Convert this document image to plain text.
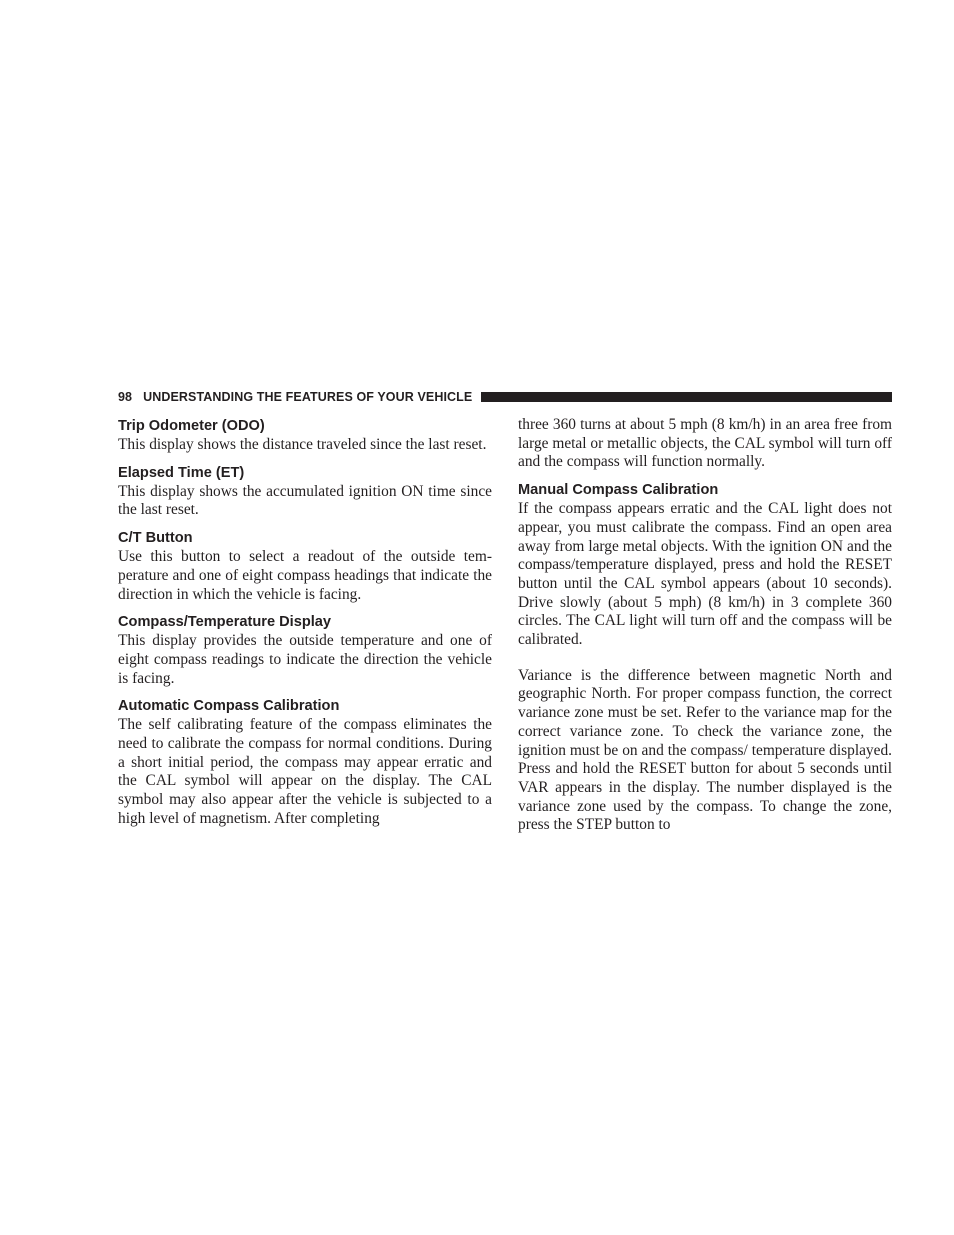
98 UNDERSTANDING THE FEATURES OF YOUR VEHICLE
Trip Odometer (ODO)

This display shows the distance traveled since the last reset.

Elapsed Time (ET)

This display shows the accumulated ignition ON time since the last reset.

C/T Button

Use this button to select a readout of the outside tem-perature and one of eight compass headings that indicate the direction in which the vehicle is facing.

Compass/Temperature Display

This display provides the outside temperature and one of eight compass readings to indicate the direction the vehicle is facing.

Automatic Compass Calibration

The self calibrating feature of the compass eliminates the need to calibrate the compass for normal conditions. During a short initial period, the compass may appear erratic and the CAL symbol will appear on the display. The CAL symbol may also appear after the vehicle is subjected to a high level of magnetism. After completing

three 360 turns at about 5 mph (8 km/h) in an area free from large metal or metallic objects, the CAL symbol will turn off and the compass will function normally.

Manual Compass Calibration

If the compass appears erratic and the CAL light does not appear, you must calibrate the compass. Find an open area away from large metal objects. With the ignition ON and the compass/temperature displayed, press and hold the RESET button until the CAL symbol appears (about 10 seconds). Drive slowly (about 5 mph) (8 km/h) in 3 complete 360 circles. The CAL light will turn off and the compass will be calibrated.

Variance is the difference between magnetic North and geographic North. For proper compass function, the correct variance zone must be set. Refer to the variance map for the correct variance zone. To check the variance zone, the ignition must be on and the compass/ temperature displayed. Press and hold the RESET button for about 5 seconds until VAR appears in the display. The number displayed is the variance zone used by the compass. To change the zone, press the STEP button to
